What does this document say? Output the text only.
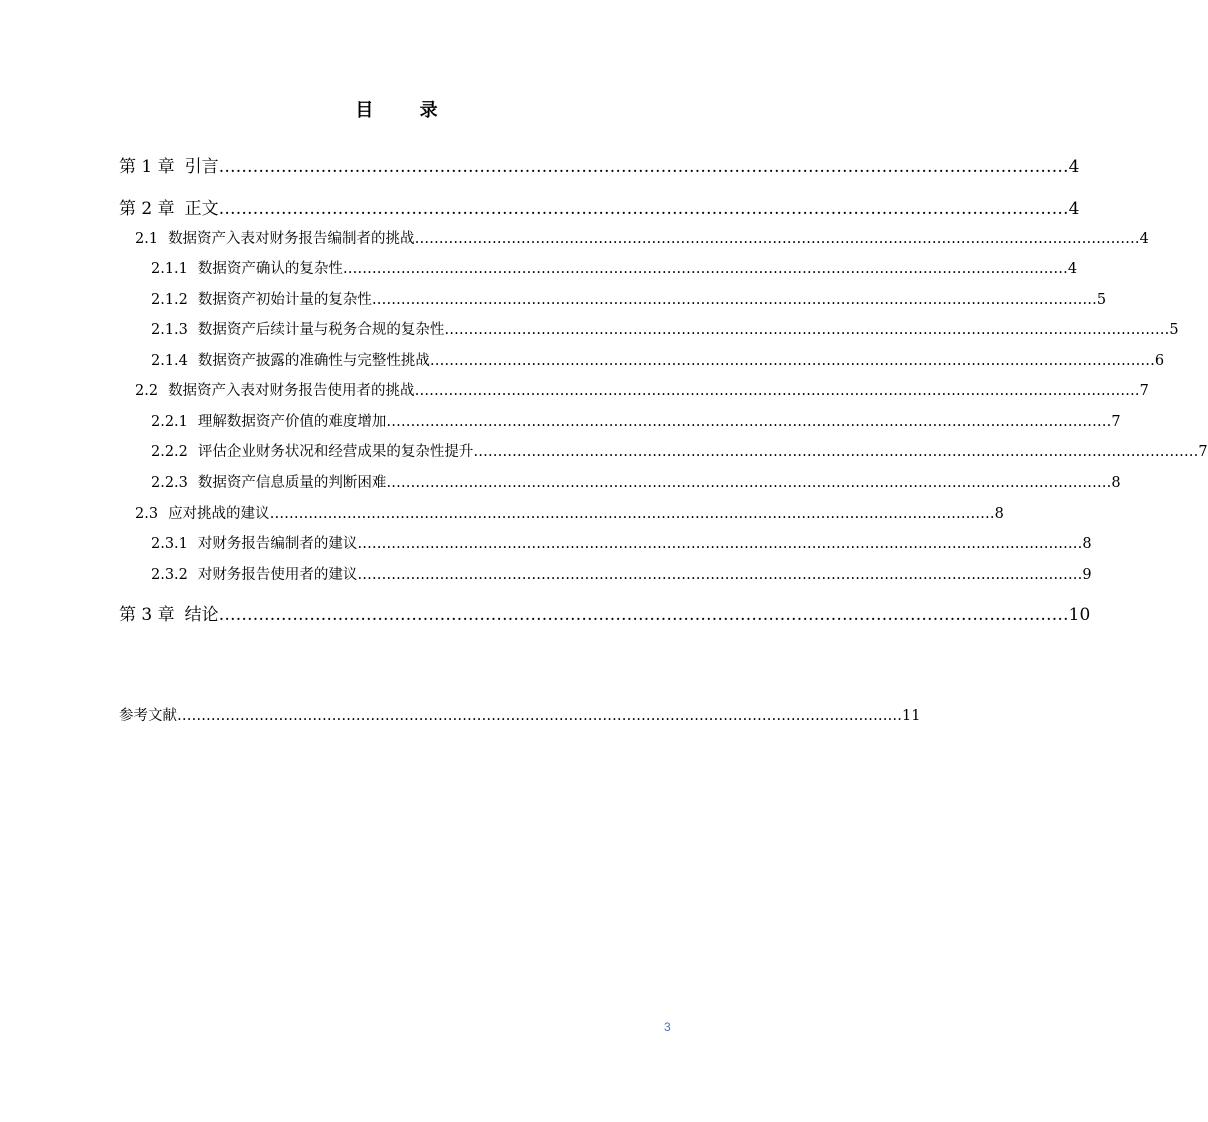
目 录
第 1 章 引言 …………………………………………………………………………………………………………………………………… 4
第 2 章 正文 …………………………………………………………………………………………………………………………………… 4
2.1 数据资产入表对财务报告编制者的挑战 …………………………………………………………………………………………………………………………………… 4
2.1.1 数据资产确认的复杂性 …………………………………………………………………………………………………………………………………… 4
2.1.2 数据资产初始计量的复杂性 …………………………………………………………………………………………………………………………………… 5
2.1.3 数据资产后续计量与税务合规的复杂性 …………………………………………………………………………………………………………………………………… 5
2.1.4 数据资产披露的准确性与完整性挑战 …………………………………………………………………………………………………………………………………… 6
2.2 数据资产入表对财务报告使用者的挑战 …………………………………………………………………………………………………………………………………… 7
2.2.1 理解数据资产价值的难度增加 …………………………………………………………………………………………………………………………………… 7
2.2.2 评估企业财务状况和经营成果的复杂性提升 …………………………………………………………………………………………………………………………………… 7
2.2.3 数据资产信息质量的判断困难 …………………………………………………………………………………………………………………………………… 8
2.3 应对挑战的建议 …………………………………………………………………………………………………………………………………… 8
2.3.1 对财务报告编制者的建议 …………………………………………………………………………………………………………………………………… 8
2.3.2 对财务报告使用者的建议 …………………………………………………………………………………………………………………………………… 9
第 3 章 结论 …………………………………………………………………………………………………………………………………… 10
参考文献 …………………………………………………………………………………………………………………………………… 11
3
